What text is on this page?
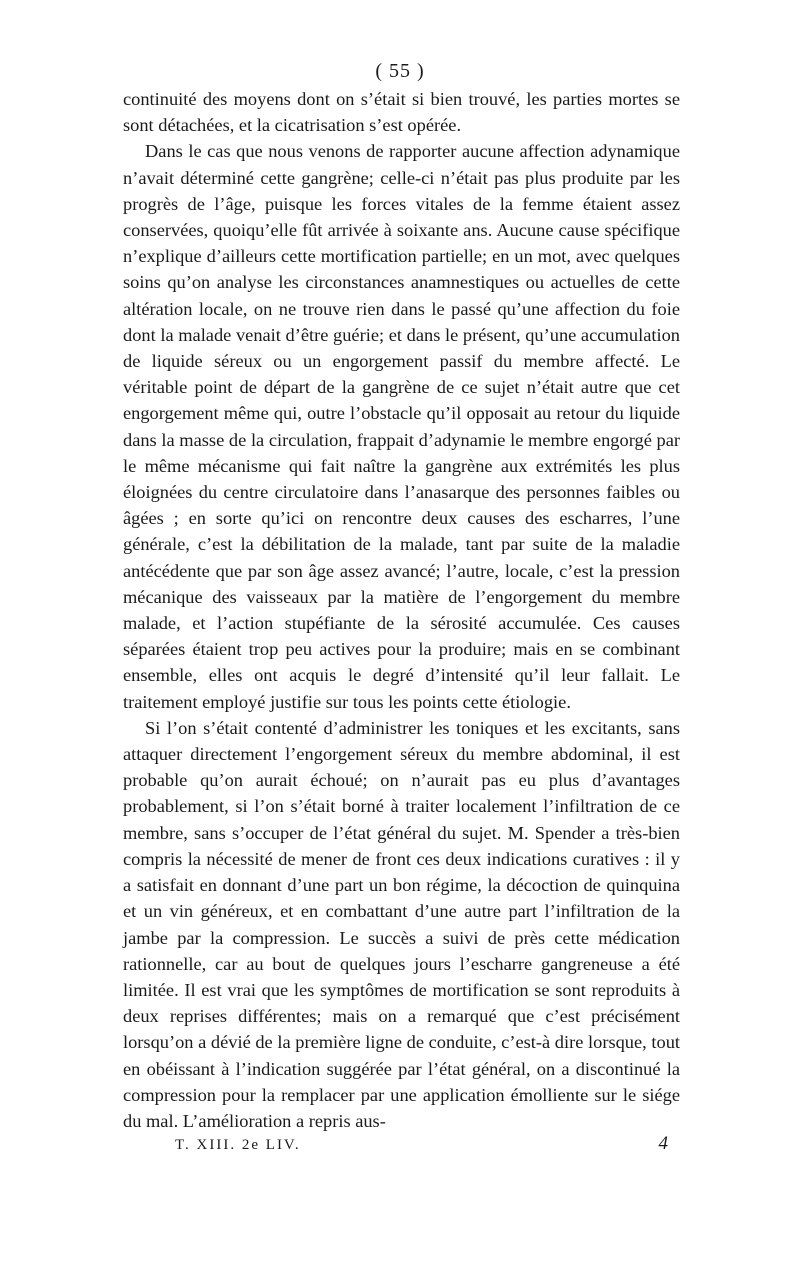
( 55 )

continuité des moyens dont on s’était si bien trouvé, les parties mortes se sont détachées, et la cicatrisation s’est opérée.

Dans le cas que nous venons de rapporter aucune affection adynamique n’avait déterminé cette gangrène; celle-ci n’était pas plus produite par les progrès de l’âge, puisque les forces vitales de la femme étaient assez conservées, quoiqu’elle fût arrivée à soixante ans. Aucune cause spécifique n’explique d’ailleurs cette mortification partielle; en un mot, avec quelques soins qu’on analyse les circonstances anamnestiques ou actuelles de cette altération locale, on ne trouve rien dans le passé qu’une affection du foie dont la malade venait d’être guérie; et dans le présent, qu’une accumulation de liquide séreux ou un engorgement passif du membre affecté. Le véritable point de départ de la gangrène de ce sujet n’était autre que cet engorgement même qui, outre l’obstacle qu’il opposait au retour du liquide dans la masse de la circulation, frappait d’adynamie le membre engorgé par le même mécanisme qui fait naître la gangrène aux extrémités les plus éloignées du centre circulatoire dans l’anasarque des personnes faibles ou âgées ; en sorte qu’ici on rencontre deux causes des escharres, l’une générale, c’est la débilitation de la malade, tant par suite de la maladie antécédente que par son âge assez avancé; l’autre, locale, c’est la pression mécanique des vaisseaux par la matière de l’engorgement du membre malade, et l’action stupéfiante de la sérosité accumulée. Ces causes séparées étaient trop peu actives pour la produire; mais en se combinant ensemble, elles ont acquis le degré d’intensité qu’il leur fallait. Le traitement employé justifie sur tous les points cette étiologie.

Si l’on s’était contenté d’administrer les toniques et les excitants, sans attaquer directement l’engorgement séreux du membre abdominal, il est probable qu’on aurait échoué; on n’aurait pas eu plus d’avantages probablement, si l’on s’était borné à traiter localement l’infiltration de ce membre, sans s’occuper de l’état général du sujet. M. Spender a très-bien compris la nécessité de mener de front ces deux indications curatives : il y a satisfait en donnant d’une part un bon régime, la décoction de quinquina et un vin généreux, et en combattant d’une autre part l’infiltration de la jambe par la compression. Le succès a suivi de près cette médication rationnelle, car au bout de quelques jours l’escharre gangreneuse a été limitée. Il est vrai que les symptômes de mortification se sont reproduits à deux reprises différentes; mais on a remarqué que c’est précisément lorsqu’on a dévié de la première ligne de conduite, c’est-à dire lorsque, tout en obéissant à l’indication suggérée par l’état général, on a discontinué la compression pour la remplacer par une application émolliente sur le siége du mal. L’amélioration a repris aus-

T. XIII. 2e LIV.	4
